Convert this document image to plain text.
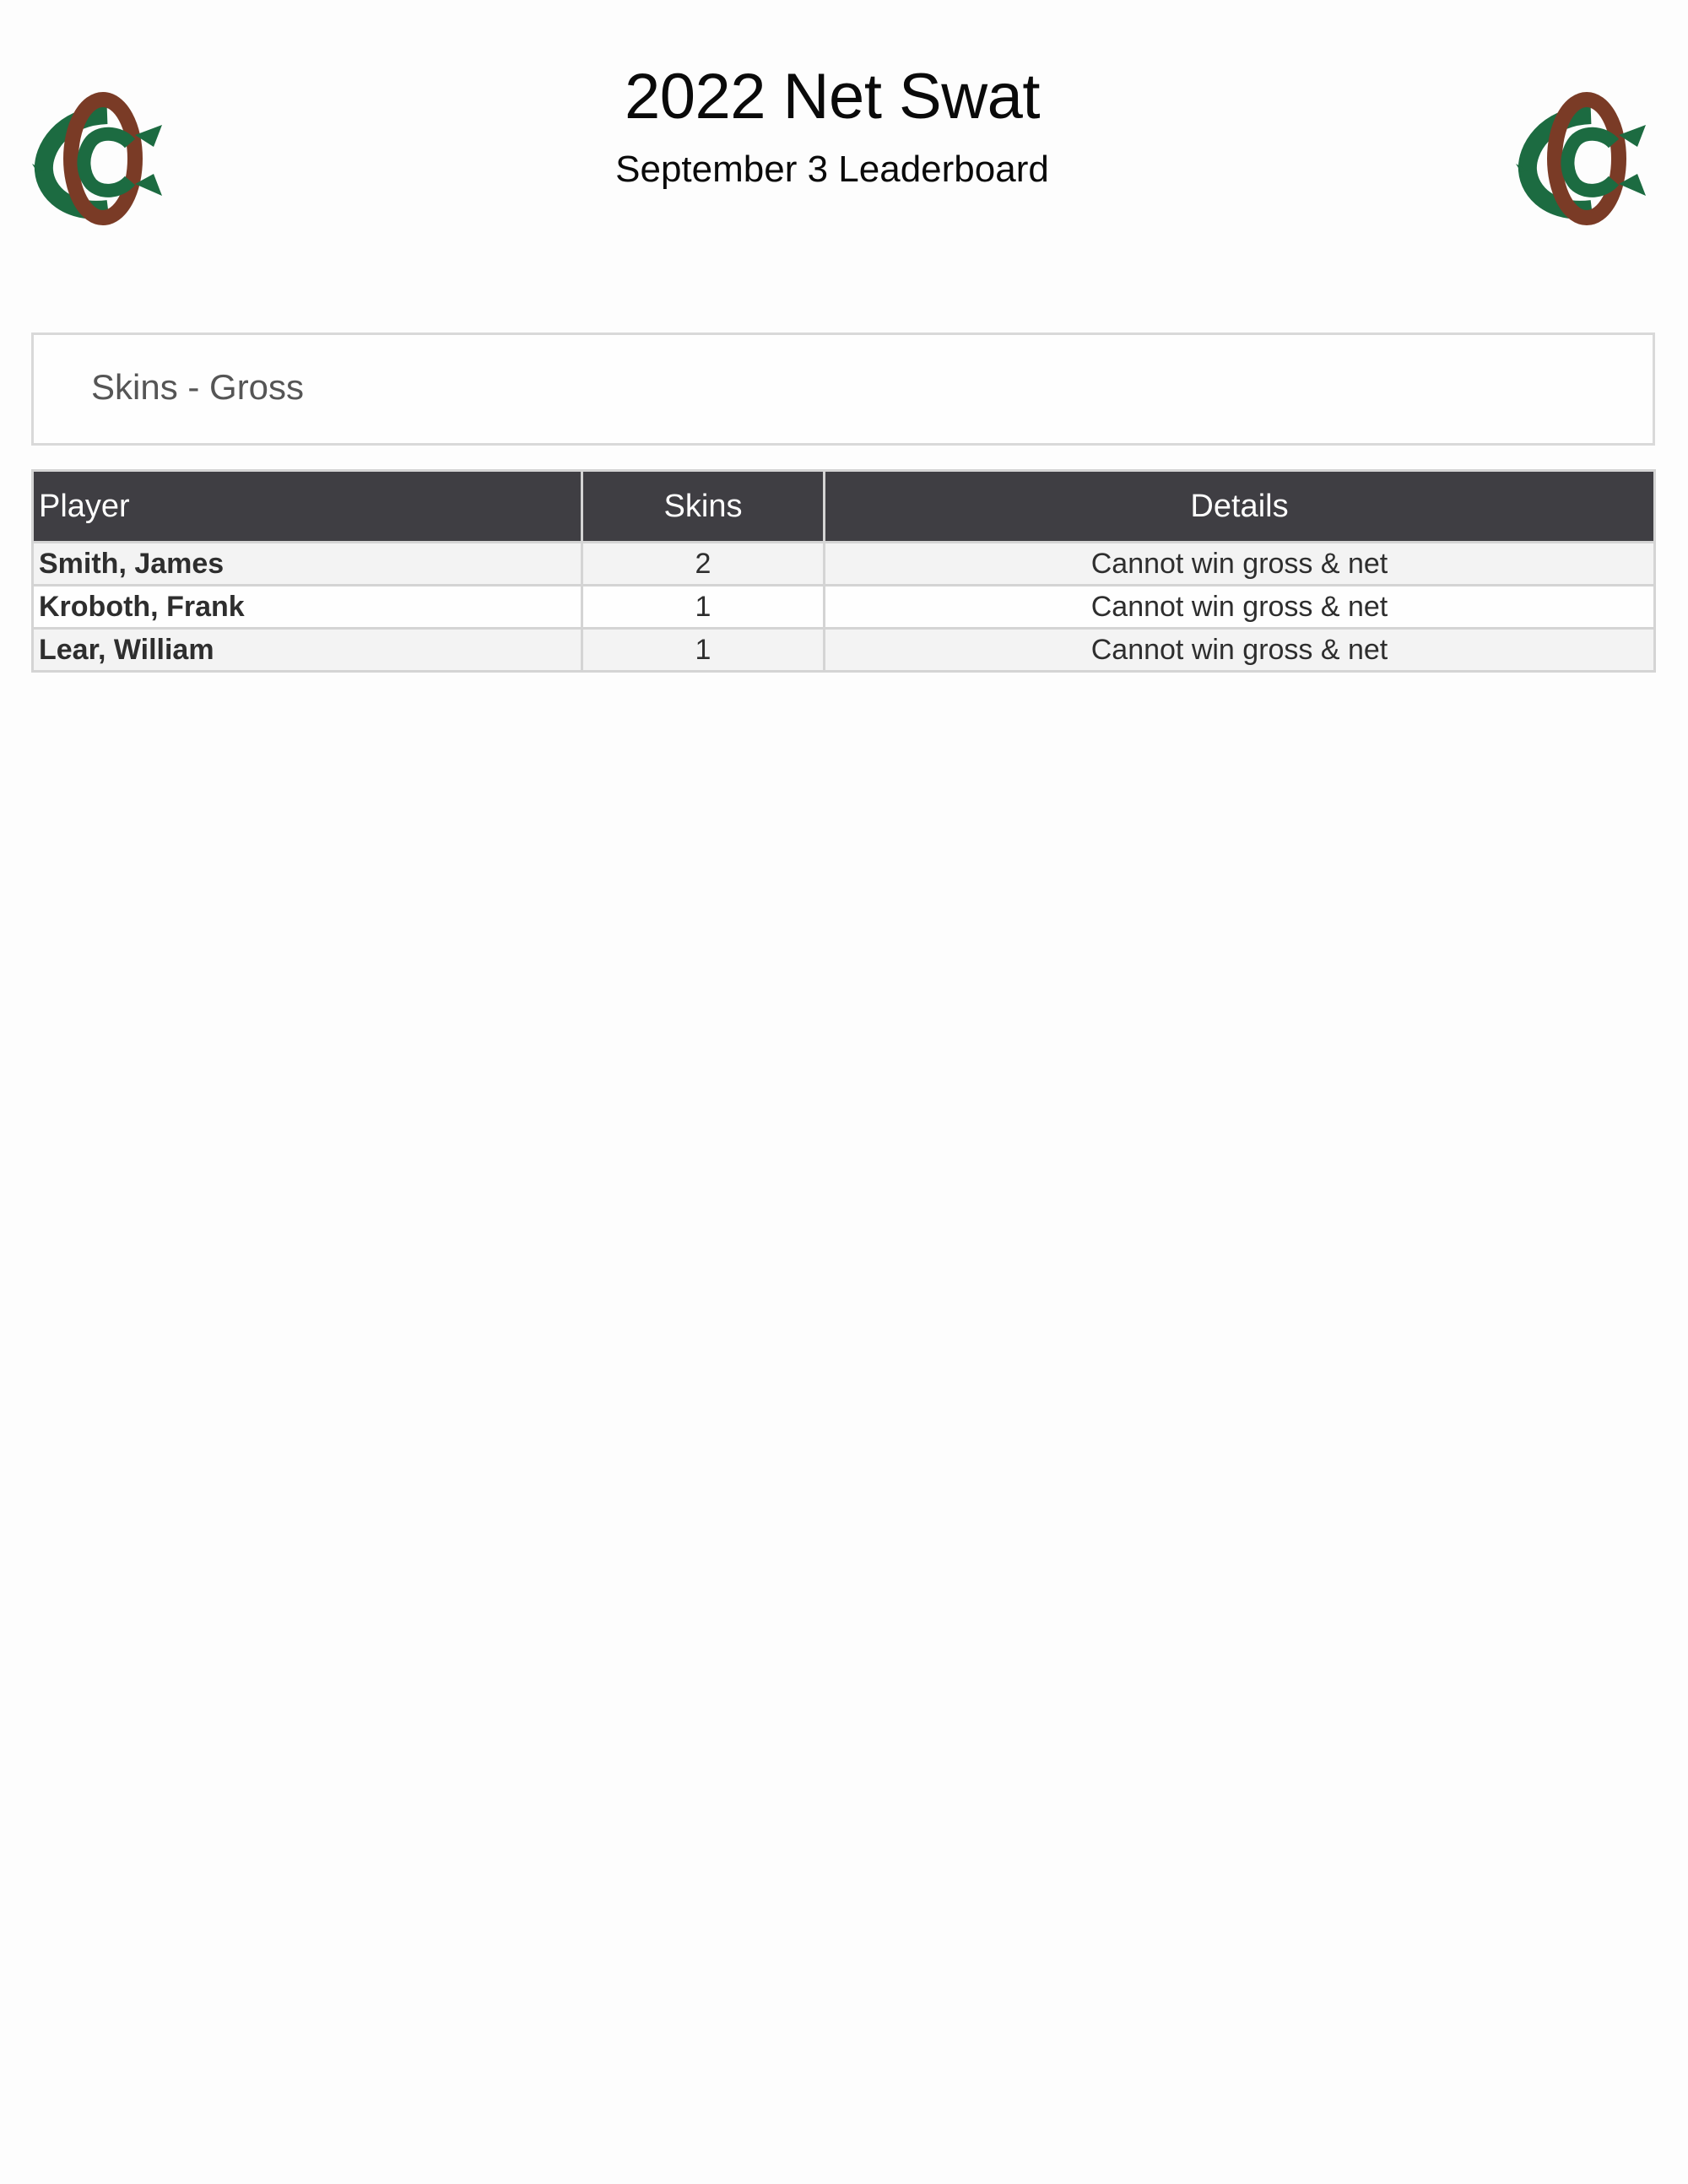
2022 Net Swat
September 3 Leaderboard
Skins - Gross
Player	Skins	Details
Smith, James	2	Cannot win gross & net
Kroboth, Frank	1	Cannot win gross & net
Lear, William	1	Cannot win gross & net
